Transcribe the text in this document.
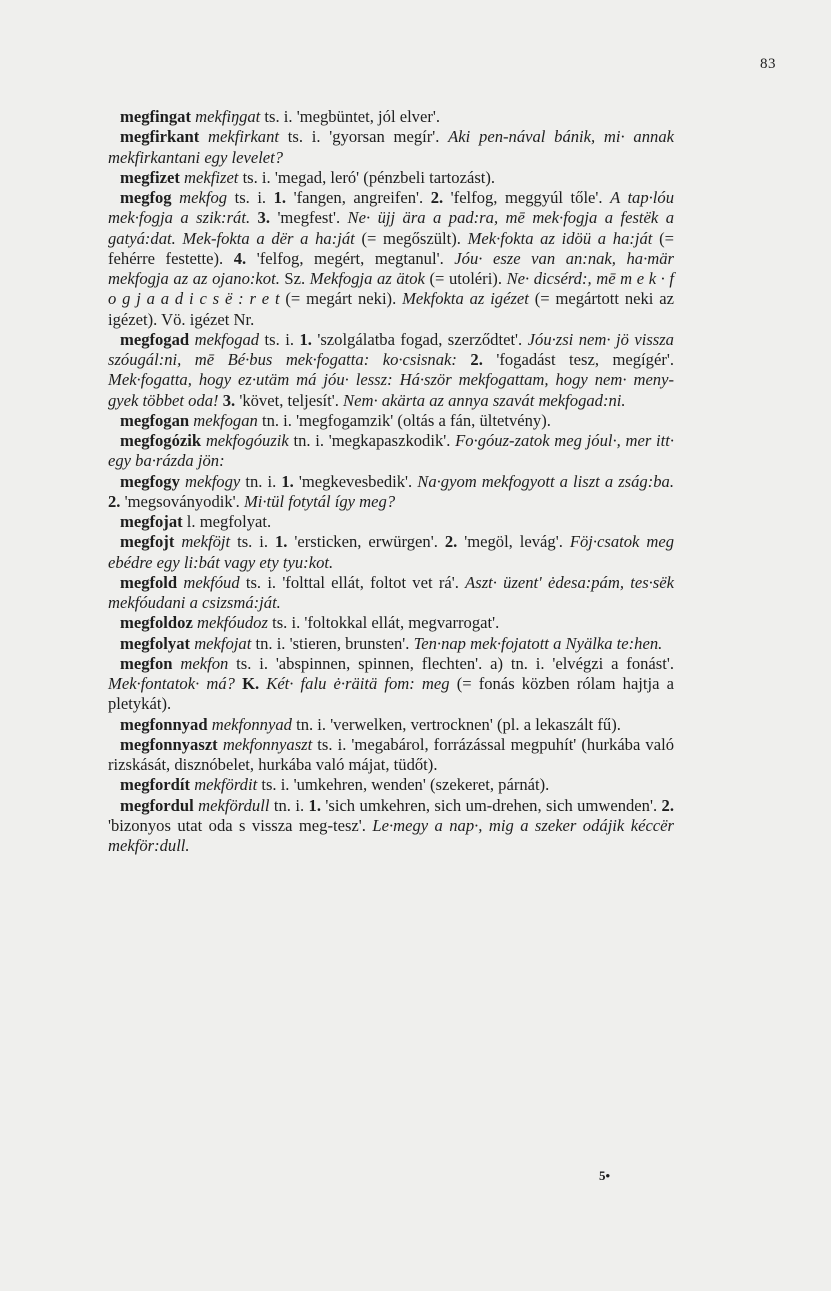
83

megfingat mekfiŋgat ts. i. 'megbüntet, jól elver'.

megfirkant mekfirkant ts. i. 'gyorsan megír'. Aki pen-nával bánik, mi· annak mekfirkantani egy levelet?

megfizet mekfizet ts. i. 'megad, leró' (pénzbeli tartozást).

megfog mekfog ts. i. 1. 'fangen, angreifen'. 2. 'felfog, meggyúl tőle'. A tap·lóu mek·fogja a szik:rát. 3. 'megfest'. Ne· üjj ära a pad:ra, mē mek·fogja a festëk a gatyá:dat. Mek-fokta a dër a ha:ját (= megőszült). Mek·fokta az idöü a ha:ját (= fehérre festette). 4. 'felfog, megért, megtanul'. Jóu· esze van an:nak, ha·mär mekfogja az az ojano:kot. Sz. Mekfogja az ätok (= utoléri). Ne· dicsérd:, mē m e k · f o g j a a d i c s ë : r e t (= megárt neki). Mekfokta az igézet (= megártott neki az igézet). Vö. igézet Nr.

megfogad mekfogad ts. i. 1. 'szolgálatba fogad, szerződtet'. Jóu·zsi nem· jö vissza szóugál:ni, mē Bé·bus mek·fogatta: ko·csisnak: 2. 'fogadást tesz, megígér'. Mek·fogatta, hogy ez·utäm má jóu· lessz: Há·ször mekfogattam, hogy nem· meny-gyek többet oda! 3. 'követ, teljesít'. Nem· akärta az annya szavát mekfogad:ni.

megfogan mekfogan tn. i. 'megfogamzik' (oltás a fán, ültetvény).

megfogózik mekfogóuzik tn. i. 'megkapaszkodik'. Fo·góuz-zatok meg jóul·, mer itt· egy ba·rázda jön:

megfogy mekfogy tn. i. 1. 'megkevesbedik'. Na·gyom mekfogyott a liszt a zság:ba. 2. 'megsoványodik'. Mi·tül fotytál így meg?

megfojat l. megfolyat.

megfojt mekföjt ts. i. 1. 'ersticken, erwürgen'. 2. 'megöl, levág'. Föj·csatok meg ebédre egy li:bát vagy ety tyu:kot.

megfold mekfóud ts. i. 'folttal ellát, foltot vet rá'. Aszt· üzent' ėdesa:pám, tes·sëk mekfóudani a csizsmá:ját.

megfoldoz mekfóudoz ts. i. 'foltokkal ellát, megvarrogat'.

megfolyat mekfojat tn. i. 'stieren, brunsten'. Ten·nap mek·fojatott a Nyälka te:hen.

megfon mekfon ts. i. 'abspinnen, spinnen, flechten'. a) tn. i. 'elvégzi a fonást'. Mek·fontatok· má? K. Két· falu ė·räitä fom: meg (= fonás közben rólam hajtja a pletykát).

megfonnyad mekfonnyad tn. i. 'verwelken, vertrocknen' (pl. a lekaszált fű).

megfonnyaszt mekfonnyaszt ts. i. 'megabárol, forrázással megpuhít' (hurkába való rizskását, disznóbelet, hurkába való májat, tüdőt).

megfordít mekfördit ts. i. 'umkehren, wenden' (szekeret, párnát).

megfordul mekfördull tn. i. 1. 'sich umkehren, sich um-drehen, sich umwenden'. 2. 'bizonyos utat oda s vissza meg-tesz'. Le·megy a nap·, mig a szeker odájik kéccër mekför:dull.

5•
